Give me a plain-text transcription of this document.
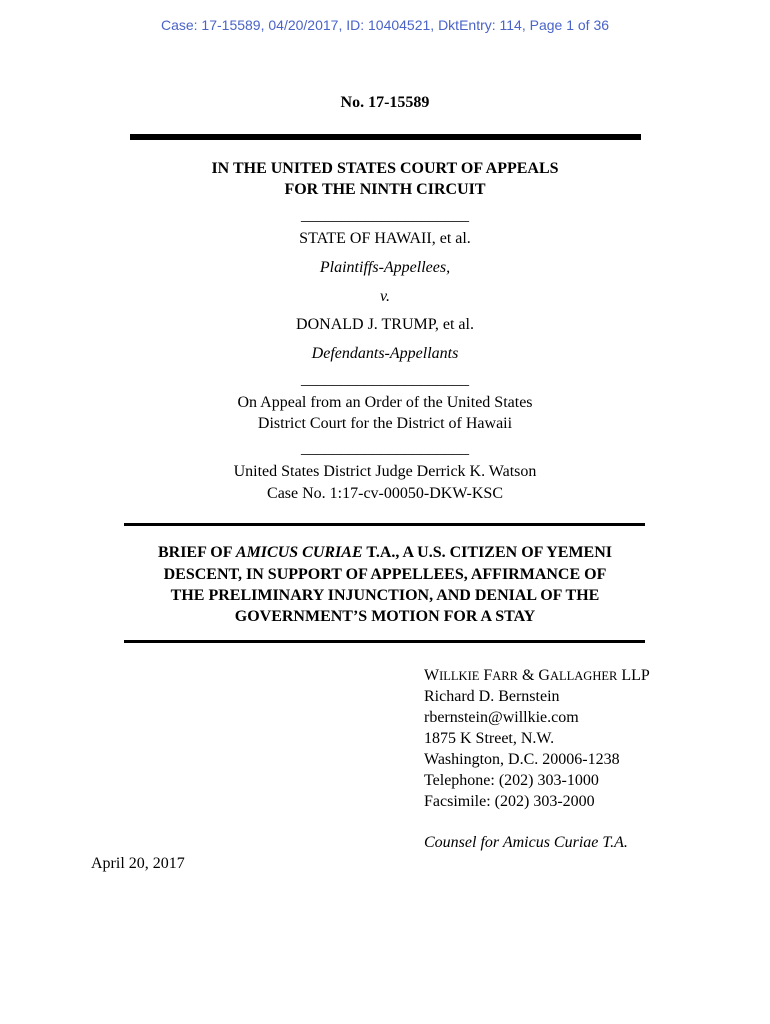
Case: 17-15589, 04/20/2017, ID: 10404521, DktEntry: 114, Page 1 of 36
No. 17-15589
IN THE UNITED STATES COURT OF APPEALS
FOR THE NINTH CIRCUIT
_____________________
STATE OF HAWAII, et al.
Plaintiffs-Appellees,
v.
DONALD J. TRUMP, et al.
Defendants-Appellants
_____________________
On Appeal from an Order of the United States
District Court for the District of Hawaii
_____________________
United States District Judge Derrick K. Watson
Case No. 1:17-cv-00050-DKW-KSC
BRIEF OF AMICUS CURIAE T.A., A U.S. CITIZEN OF YEMENI
DESCENT, IN SUPPORT OF APPELLEES, AFFIRMANCE OF
THE PRELIMINARY INJUNCTION, AND DENIAL OF THE
GOVERNMENT’S MOTION FOR A STAY
WILLKIE FARR & GALLAGHER LLP
Richard D. Bernstein
rbernstein@willkie.com
1875 K Street, N.W.
Washington, D.C. 20006-1238
Telephone: (202) 303-1000
Facsimile: (202) 303-2000
Counsel for Amicus Curiae T.A.
April 20, 2017
